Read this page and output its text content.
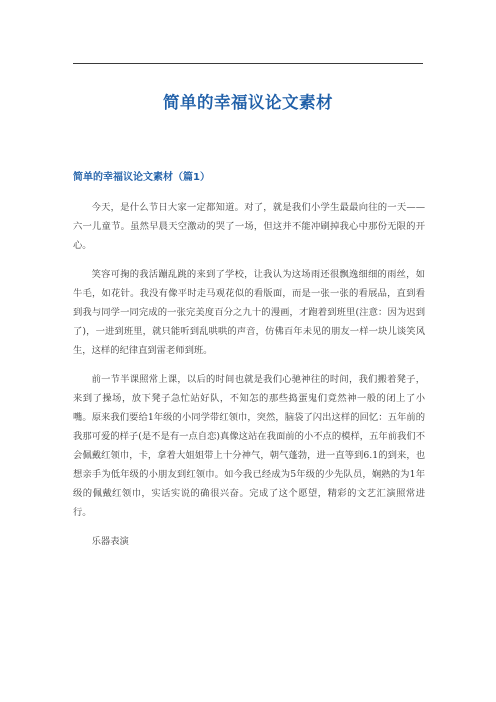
简单的幸福议论文素材
简单的幸福议论文素材（篇1）

今天，是什么节日大家一定都知道。对了，就是我们小学生最最向往的一天——六一儿童节。虽然早晨天空激动的哭了一场，但这并不能冲刷掉我心中那份无限的开心。

笑容可掬的我活蹦乱跳的来到了学校，让我认为这场雨还很飘逸细细的雨丝，如牛毛，如花针。我没有像平时走马观花似的看版面，而是一张一张的看展品，直到看到我与同学一同完成的一张完美度百分之九十的漫画，才跑着到班里(注意：因为迟到了)，一进到班里，就只能听到乱哄哄的声音，仿佛百年未见的朋友一样一块儿谈笑风生，这样的纪律直到雷老师到班。

前一节半课照常上课，以后的时间也就是我们心驰神往的时间，我们搬着凳子，来到了操场，放下凳子急忙站好队，不知怎的那些捣蛋鬼们竟然神一般的闭上了小嘴。原来我们要给1年级的小同学带红领巾，突然，脑袋了闪出这样的回忆：五年前的我那可爱的样子(是不是有一点自恋)真像这站在我面前的小不点的模样，五年前我们不会佩戴红领巾，卡，拿着大姐姐带上十分神气，朝气蓬勃，进一直等到6.1的到来，也想亲手为低年级的小朋友到红领巾。如今我已经成为5年级的少先队员，娴熟的为1年级的佩戴红领巾，实话实说的确很兴奋。完成了这个愿望，精彩的文艺汇演照常进行。

乐器表演
